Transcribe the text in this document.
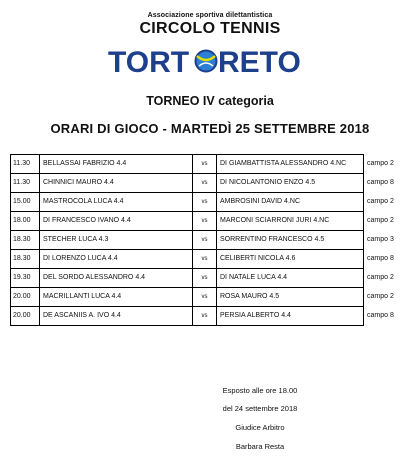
Associazione sportiva dilettantistica
CIRCOLO TENNIS
TORT RETO
TORNEO IV categoria
ORARI DI GIOCO - MARTEDÌ 25 SETTEMBRE 2018
11.30	BELLASSAI FABRIZIO 4.4	vs	DI GIAMBATTISTA ALESSANDRO 4.NC	campo 2
11.30	CHINNICI MAURO 4.4	vs	DI NICOLANTONIO ENZO 4.5	campo 8
15.00	MASTROCOLA LUCA 4.4	vs	AMBROSINI DAVID 4.NC	campo 2
18.00	DI FRANCESCO IVANO 4.4	vs	MARCONI SCIARRONI JURI 4.NC	campo 2
18.30	STECHER LUCA 4.3	vs	SORRENTINO FRANCESCO 4.5	campo 3
18.30	DI LORENZO LUCA 4.4	vs	CELIBERTI NICOLA 4.6	campo 8
19.30	DEL SORDO ALESSANDRO 4.4	vs	DI NATALE LUCA 4.4	campo 2
20.00	MACRILLANTI LUCA 4.4	vs	ROSA MAURO 4.5	campo 2
20.00	DE ASCANIIS A. IVO 4.4	vs	PERSIA ALBERTO 4.4	campo 8
Esposto alle ore 18.00
del 24 settembre 2018
Giudice Arbitro
Barbara Resta
